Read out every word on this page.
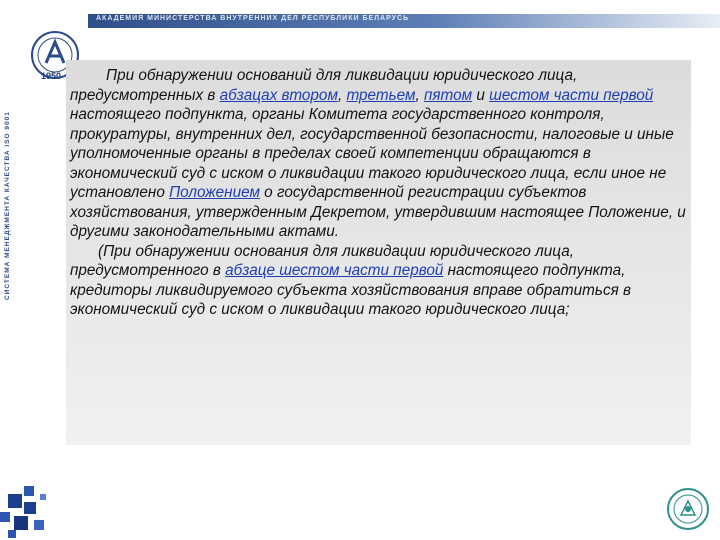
АКАДЕМИЯ МИНИСТЕРСТВА ВНУТРЕННИХ ДЕЛ РЕСПУБЛИКИ БЕЛАРУСЬ
СИСТЕМА МЕНЕДЖМЕНТА КАЧЕСТВА ISO 9001
1950	При обнаружении оснований для ликвидации юридического лица, предусмотренных в абзацах втором, третьем, пятом и шестом части первой настоящего подпункта, органы Комитета государственного контроля, прокуратуры, внутренних дел, государственной безопасности, налоговые и иные уполномоченные органы в пределах своей компетенции обращаются в экономический суд с иском о ликвидации такого юридического лица, если иное не установлено Положением о государственной регистрации субъектов хозяйствования, утвержденным Декретом, утвердившим настоящее Положение, и другими законодательными актами.

(При обнаружении основания для ликвидации юридического лица, предусмотренного в абзаце шестом части первой настоящего подпункта, кредиторы ликвидируемого субъекта хозяйствования вправе обратиться в экономический суд с иском о ликвидации такого юридического лица;
